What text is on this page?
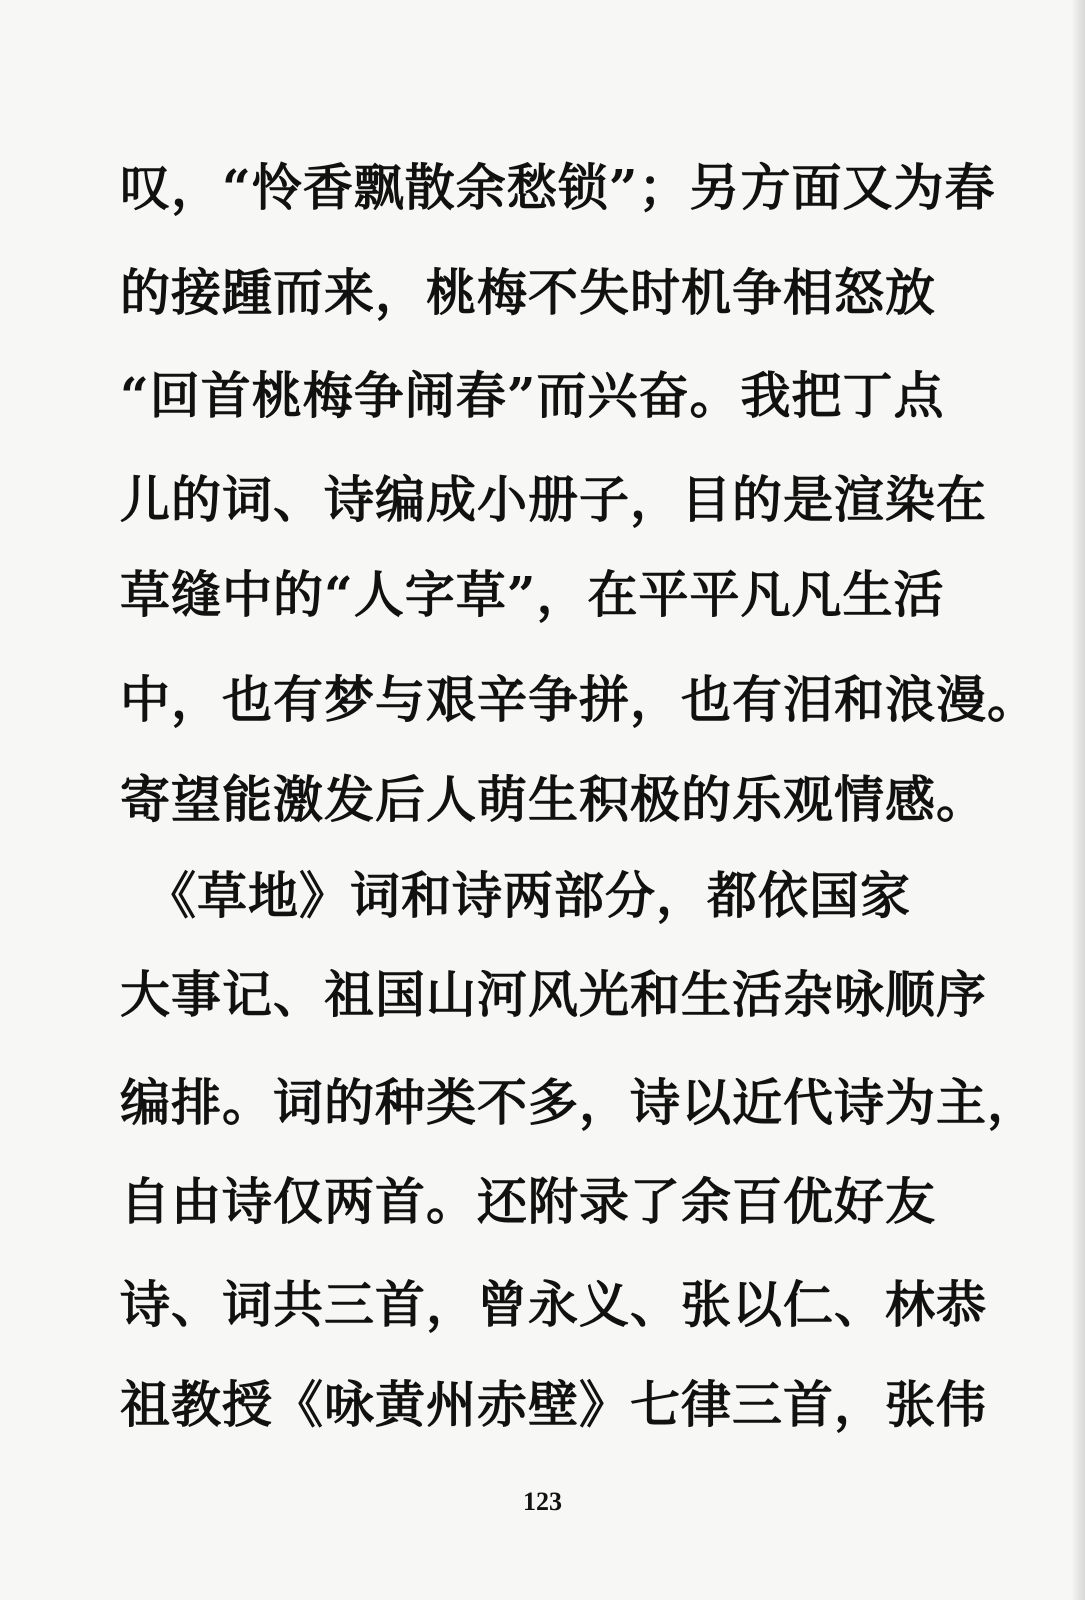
叹，“怜香飘散余愁锁”；另方面又为春
的接踵而来，桃梅不失时机争相怒放
“回首桃梅争闹春”而兴奋。我把丁点
儿的词、诗编成小册子，目的是渲染在
草缝中的“人字草”，在平平凡凡生活
中，也有梦与艰辛争拼，也有泪和浪漫。
寄望能激发后人萌生积极的乐观情感。
　《草地》词和诗两部分，都依国家
大事记、祖国山河风光和生活杂咏顺序
编排。词的种类不多，诗以近代诗为主，
自由诗仅两首。还附录了余百优好友
诗、词共三首，曾永义、张以仁、林恭
祖教授《咏黄州赤壁》七律三首，张伟
123
